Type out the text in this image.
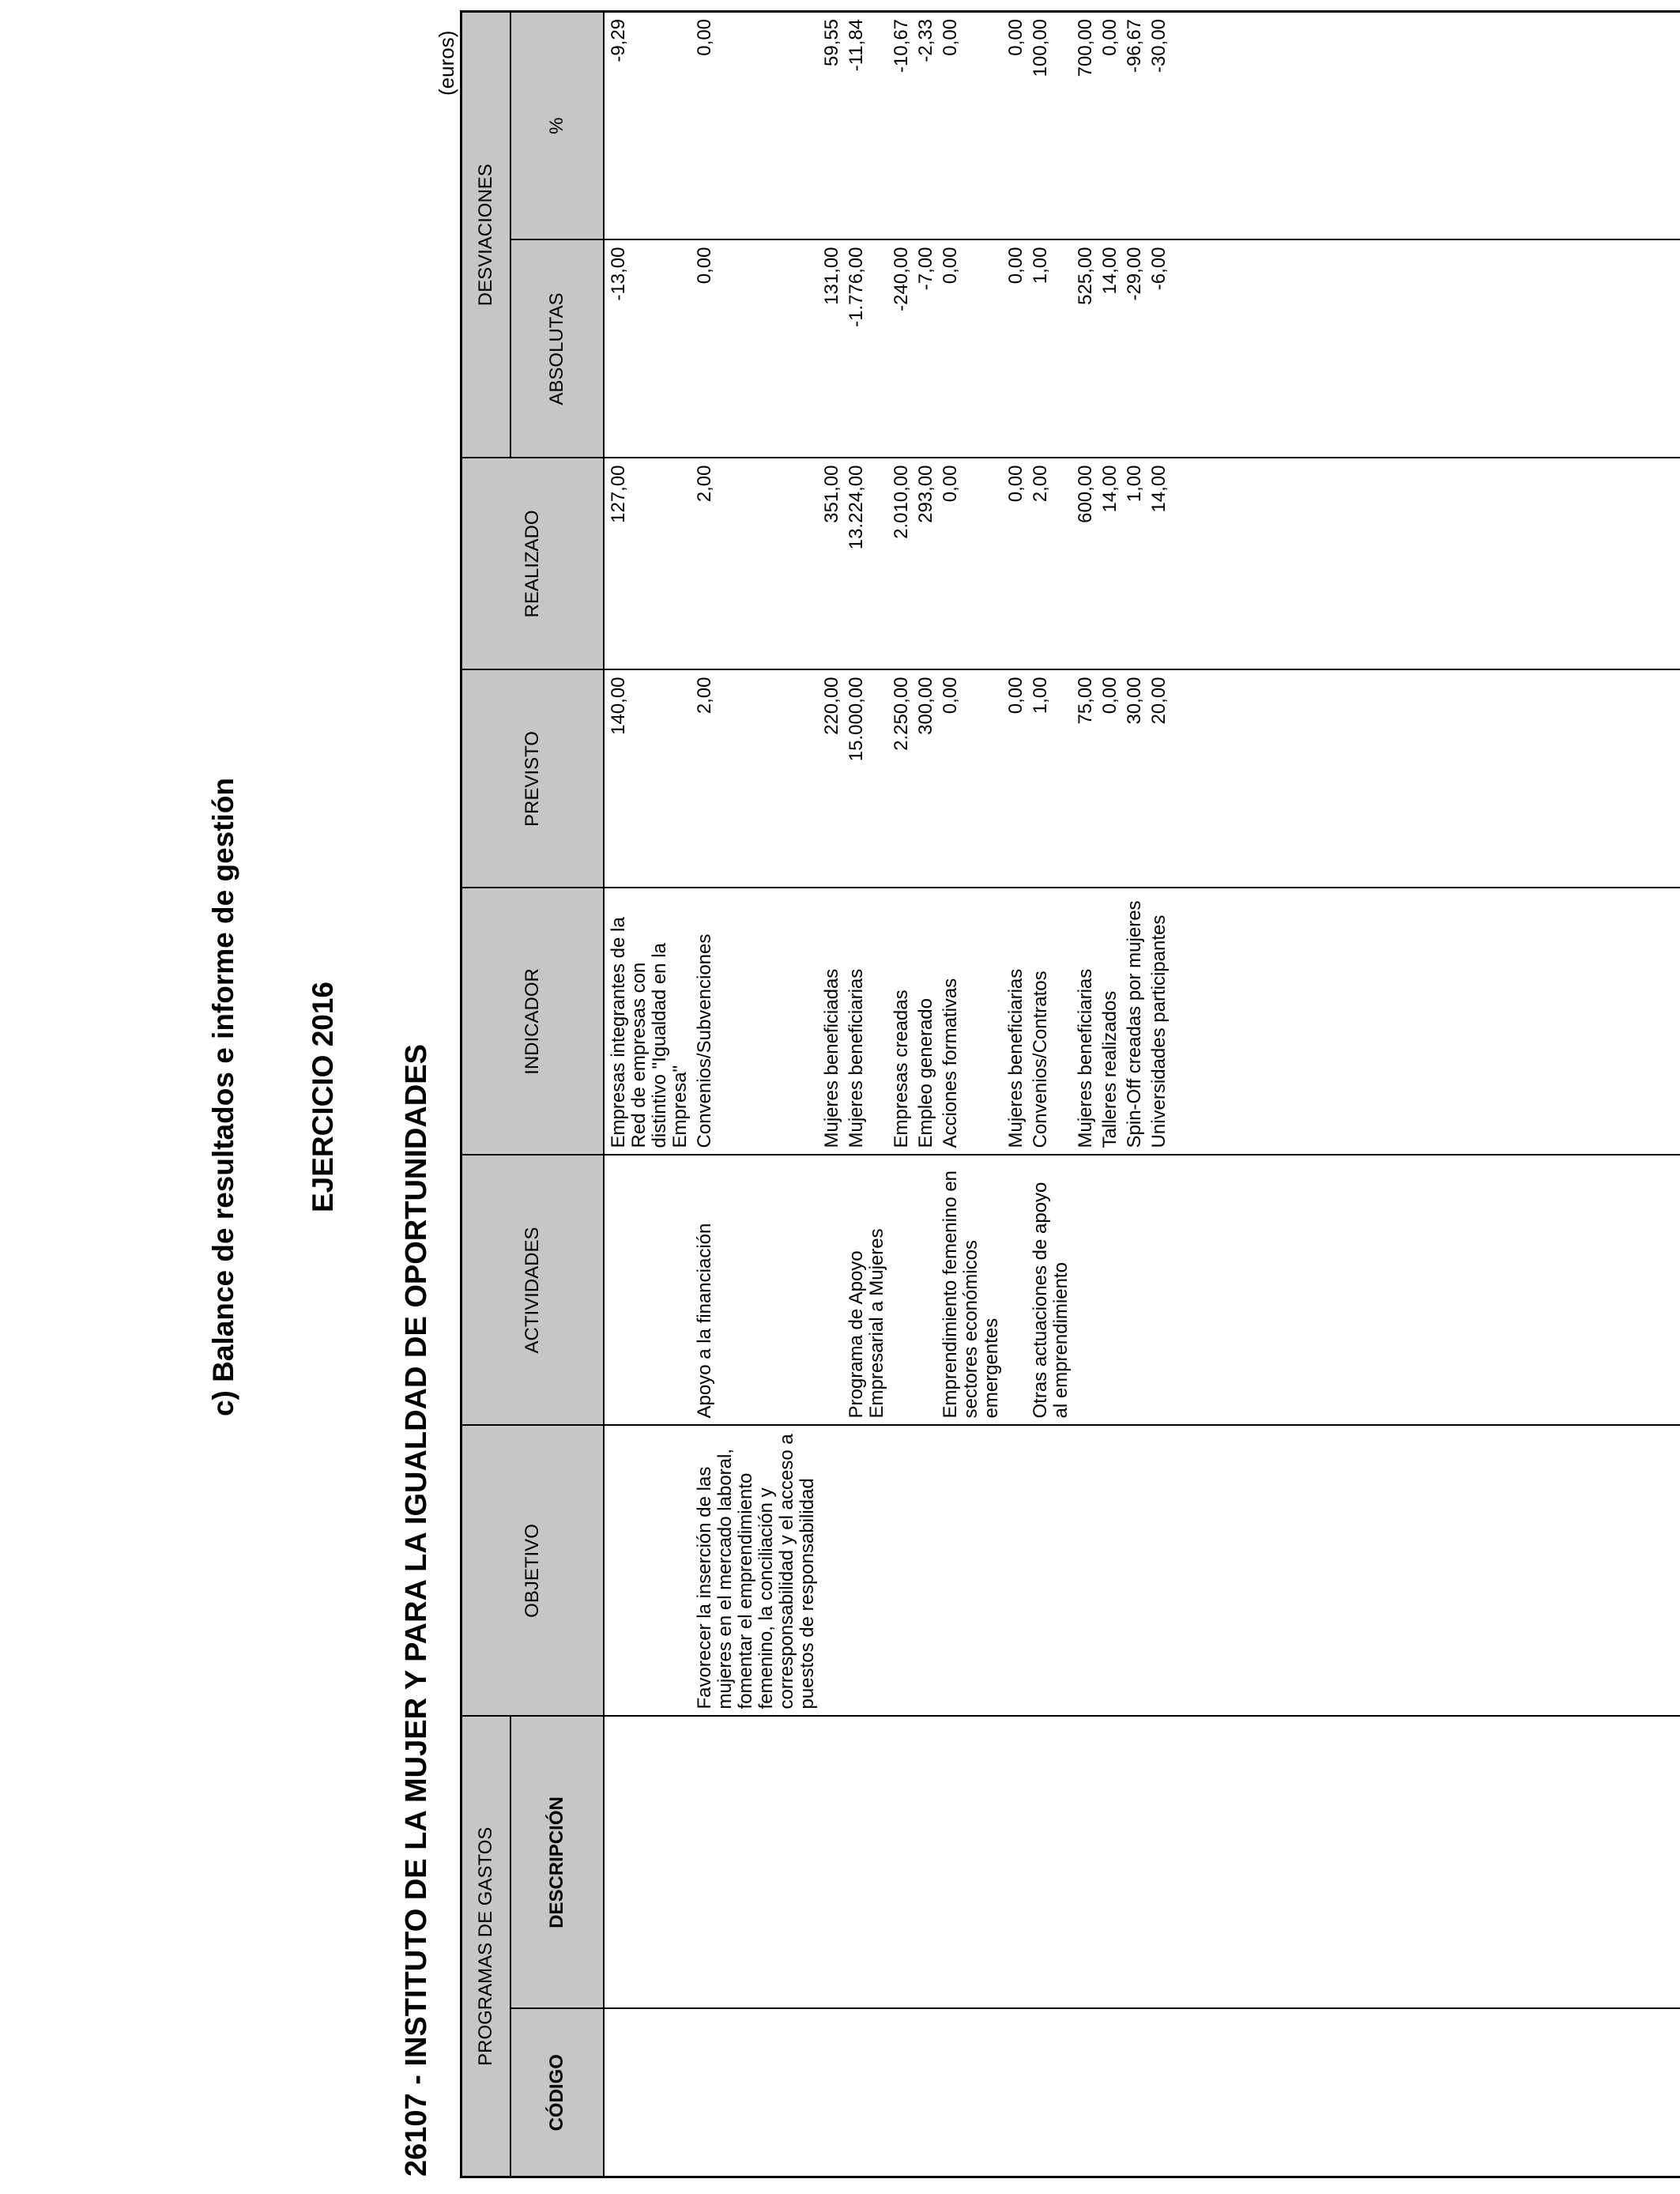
c) Balance de resultados e informe de gestión EJERCICIO 2016 26107 - INSTITUTO DE LA MUJER Y PARA LA IGUALDAD DE OPORTUNIDADES
(euros)
PROGRAMAS DE GASTOS		OBJETIVO	ACTIVIDADES	INDICADOR	PREVISTO	REALIZADO	DESVIACIONES	
CÓDIGO	DESCRIPCIÓN						ABSOLUTAS	%
				Empresas integrantes de la Red de empresas con distintivo "Igualdad en la Empresa"	140,00	127,00	-13,00	-9,29
		Favorecer la inserción de las mujeres en el mercado laboral, fomentar el emprendimiento femenino, la conciliación y corresponsabilidad y el acceso a puestos de responsabilidad	Apoyo a la financiación	Convenios/Subvenciones	2,00	2,00	0,00	0,00
				Mujeres beneficiadas	220,00	351,00	131,00	59,55
			Programa de Apoyo Empresarial a Mujeres	Mujeres beneficiarias	15.000,00	13.224,00	-1.776,00	-11,84
				Empresas creadas	2.250,00	2.010,00	-240,00	-10,67
				Empleo generado	300,00	293,00	-7,00	-2,33
			Emprendimiento femenino en sectores económicos emergentes	Acciones formativas	0,00	0,00	0,00	0,00
				Mujeres beneficiarias	0,00	0,00	0,00	0,00
			Otras actuaciones de apoyo al emprendimiento	Convenios/Contratos	1,00	2,00	1,00	100,00
				Mujeres beneficiarias	75,00	600,00	525,00	700,00
				Talleres realizados	0,00	14,00	14,00	0,00
				Spin-Off creadas por mujeres	30,00	1,00	-29,00	-96,67
				Universidades participantes	20,00	14,00	-6,00	-30,00
